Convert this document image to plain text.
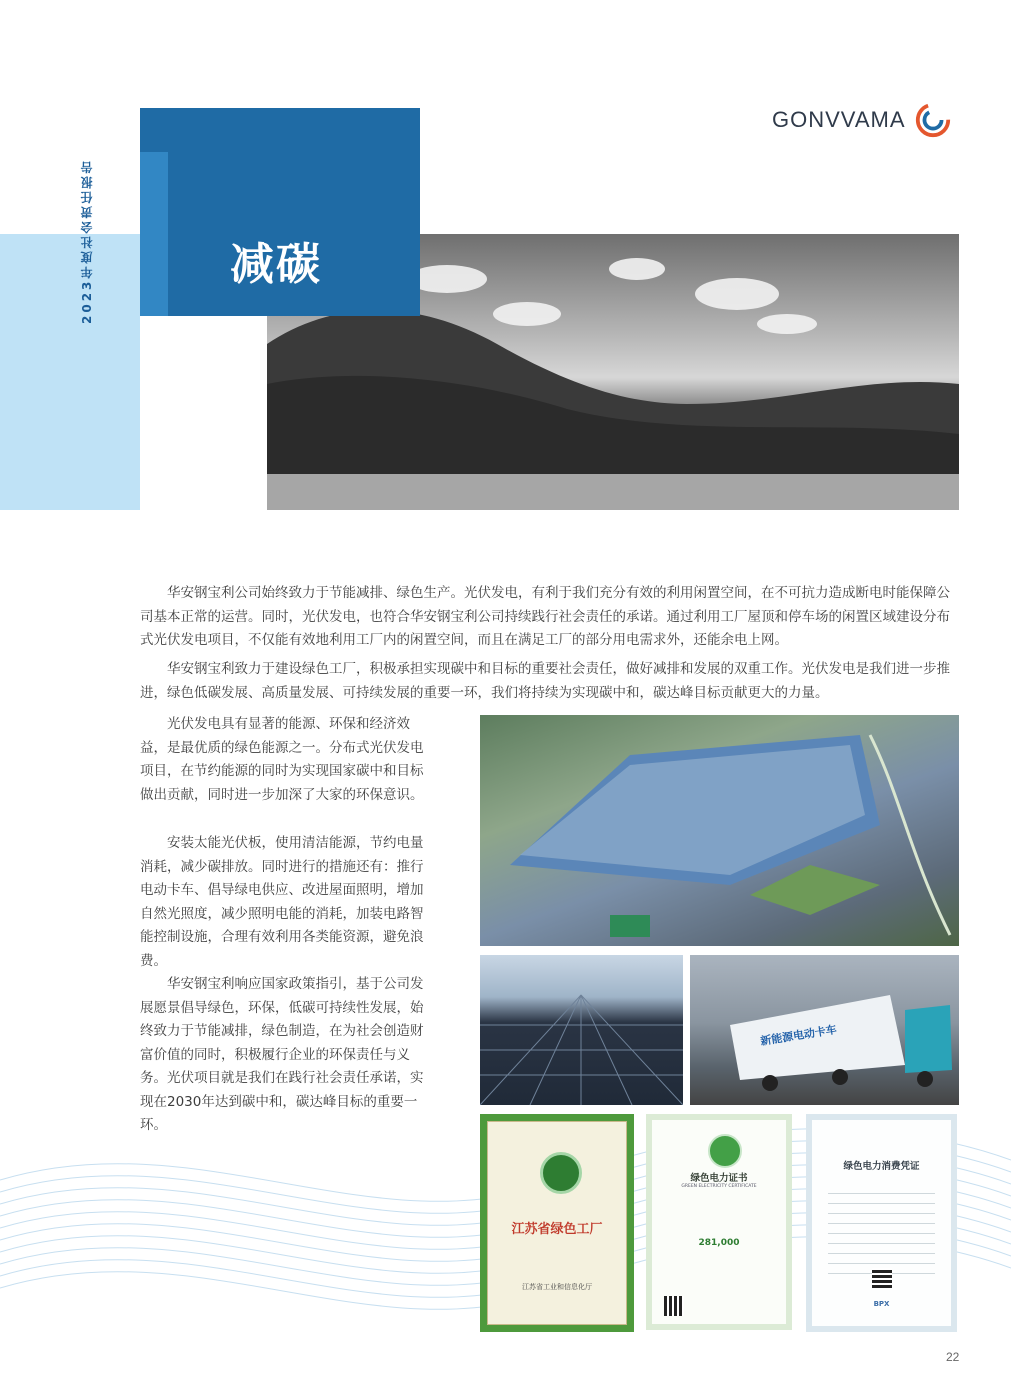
2023年度社会责任报告	减碳
GONVVAMA

华安钢宝利公司始终致力于节能减排、绿色生产。光伏发电，有利于我们充分有效的利用闲置空间，在不可抗力造成断电时能保障公司基本正常的运营。同时，光伏发电，也符合华安钢宝利公司持续践行社会责任的承诺。通过利用工厂屋顶和停车场的闲置区域建设分布式光伏发电项目，不仅能有效地利用工厂内的闲置空间，而且在满足工厂的部分用电需求外，还能余电上网。

华安钢宝利致力于建设绿色工厂，积极承担实现碳中和目标的重要社会责任，做好减排和发展的双重工作。光伏发电是我们进一步推进，绿色低碳发展、高质量发展、可持续发展的重要一环，我们将持续为实现碳中和，碳达峰目标贡献更大的力量。

光伏发电具有显著的能源、环保和经济效益，是最优质的绿色能源之一。分布式光伏发电项目，在节约能源的同时为实现国家碳中和目标做出贡献，同时进一步加深了大家的环保意识。

安装太能光伏板，使用清洁能源，节约电量消耗，减少碳排放。同时进行的措施还有：推行电动卡车、倡导绿电供应、改进屋面照明，增加自然光照度，减少照明电能的消耗，加装电路智能控制设施，合理有效利用各类能资源，避免浪费。

华安钢宝利响应国家政策指引，基于公司发展愿景倡导绿色，环保，低碳可持续性发展，始终致力于节能减排，绿色制造，在为社会创造财富价值的同时，积极履行企业的环保责任与义务。光伏项目就是我们在践行社会责任承诺，实现在2030年达到碳中和，碳达峰目标的重要一环。

新能源电动卡车
江苏省绿色工厂
江苏省工业和信息化厅
绿色电力证书
GREEN ELECTRICITY CERTIFICATE
281,000
绿色电力消费凭证
BPX
22
